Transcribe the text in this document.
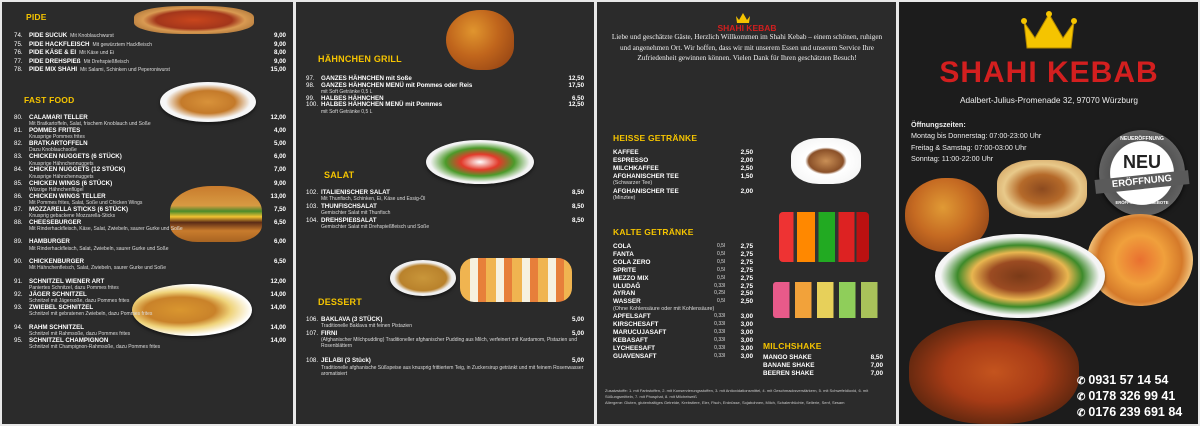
PIDE
74. PIDE SUCUK Mit Knoblauchwurst	9,00
75. PIDE HACKFLEISCH Mit gewürztem Hackfleisch	9,00
76. PIDE KÄSE & EI Mit Käse und Ei	8,00
77. PIDE DREHSPIEß Mit Drehspießfleisch	9,00
78. PIDE MIX SHAHI Mit Salami, Schinken und Peperoniwurst	15,00
FAST FOOD
80. CALAMARI TELLER	12,00
Mit Bratkartoffeln, Salat, frischem Knoblauch und Soße
81. POMMES FRITES	4,00
Knusprige Pommes frites
82. BRATKARTOFFELN	5,00
Dazu Knoblauchsoße
83. CHICKEN NUGGETS (6 STÜCK)	6,00
Knusprige Hähnchennuggets
84. CHICKEN NUGGETS (12 STÜCK)	7,00
Knusprige Hähnchennuggets
85. CHICKEN WINGS (6 STÜCK)	9,00
Würzige Hähnchenflügel
86. CHICKEN WINGS TELLER	13,00
Mit Pommes frites, Salat, Soße und Chicken Wings
87. MOZZARELLA STICKS (6 STÜCK)	7,50
Knusprig gebackene Mozzarella-Sticks
88. CHEESEBURGER	6,50
Mit Rinderhackfleisch, Käse, Salat, Zwiebeln, saurer Gurke und Soße
89. HAMBURGER	6,00
Mit Rinderhackfleisch, Salat, Zwiebeln, saurer Gurke und Soße
90. CHICKENBURGER	6,50
Mit Hähnchenfleisch, Salat, Zwiebeln, saurer Gurke und Soße
91. SCHNITZEL WIENER ART	12,00
Paniertes Schnitzel, dazu Pommes frites
92. JÄGER SCHNITZEL	14,00
Schnitzel mit Jägersoße, dazu Pommes frites
93. ZWIEBEL SCHNITZEL	14,00
Schnitzel mit gebratenen Zwiebeln, dazu Pommes frites
94. RAHM SCHNITZEL	14,00
Schnitzel mit Rahmsoße, dazu Pommes frites
95. SCHNITZEL CHAMPIGNON	14,00
Schnitzel mit Champignon-Rahmsoße, dazu Pommes frites
HÄHNCHEN GRILL
97. GANZES HÄHNCHEN mit Soße	12,50
98. GANZES HÄHNCHEN MENÜ mit Pommes oder Reis	17,50
mit Soft Getränke 0,5 L
99. HALBES HÄHNCHEN	6,50
100. HALBES HÄHNCHEN MENÜ mit Pommes	12,50
mit Soft Getränke 0,5 L
SALAT
102. ITALIENISCHER SALAT	8,50
Mit Thunfisch, Schinken, Ei, Käse und Essig-Öl
103. THUNFISCHSALAT	8,50
Gemischter Salat mit Thunfisch
104. DREHSPIEßSALAT	8,50
Gemischter Salat mit Drehspießfleisch und Soße
DESSERT
106. BAKLAVA (3 STÜCK)	5,00
Traditionelle Baklava mit feinen Pistazien
107. FIRNI	5,00
(Afghanischer Milchpudding) Traditioneller afghanischer Pudding aus Milch, verfeinert mit Kardamom, Pistazien und Rosenblättern
108. JELABI (3 Stück)	5,00
Traditionelle afghanische Süßspeise aus knusprig frittiertem Teig, in Zuckersirup getränkt und mit feinem Rosenwasser aromatisiert
SHAHI KEBAB
Liebe und geschätzte Gäste, Herzlich Willkommen im Shahi Kebab – einem schönen, ruhigen und angenehmen Ort. Wir hoffen, dass wir mit unserem Essen und unserem Service Ihre Zufriedenheit gewinnen können. Vielen Dank für Ihren geschätzten Besuch!
HEISSE GETRÄNKE
KAFFEE	2,50
ESPRESSO	2,00
MILCHKAFFEE	2,50
AFGHANISCHER TEE	1,50
(Schwarzer Tee)
AFGHANISCHER TEE	2,00
(Minztee)
KALTE GETRÄNKE
COLA	0,5l	2,75
FANTA	0,5l	2,75
COLA ZERO	0,5l	2,75
SPRITE	0,5l	2,75
MEZZO MIX	0,5l	2,75
ULUDAĞ	0,33l	2,75
AYRAN	0,25l	2,50
WASSER	0,5l	2,50
(Ohne Kohlensäure oder mit Kohlensäure)
APFELSAFT	0,33l	3,00
KIRSCHESAFT	0,33l	3,00
MARUCUJASAFT	0,33l	3,00
KEBASAFT	0,33l	3,00
LYCHEESAFT	0,33l	3,00
GUAVENSAFT	0,33l	3,00
MILCHSHAKE
MANGO SHAKE	8,50
BANANE SHAKE	7,00
BEEREN SHAKE	7,00
Zusatzstoffe: 1. mit Farbstoffen, 2. mit Konservierungsstoffen, 3. mit Antioxidationsmittel, 4. mit Geschmacksverstärkern, 5. mit Schwefeldioxid, 6. mit Süßungsmitteln, 7. mit Phosphat, 8. mit Milcheiweiß
Allergene: Gluten, glutenhaltiges Getreide, Krebstiere, Eier, Fisch, Erdnüsse, Sojabohnen, Milch, Schalenfrüchte, Sellerie, Senf, Sesam
SHAHI KEBAB
Adalbert-Julius-Promenade 32, 97070 Würzburg
Öffnungszeiten:
Montag bis Donnerstag: 07:00-23:00 Uhr
Freitag & Samstag: 07:00-03:00 Uhr
Sonntag: 11:00-22:00 Uhr
NEUERÖFFNUNG
NEU
ERÖFFNUNG
★ ★ ★
ERÖFFNUNGSANGEBOTE
✆ 0931 57 14 54
✆ 0178 326 99 41
✆ 0176 239 691 84
